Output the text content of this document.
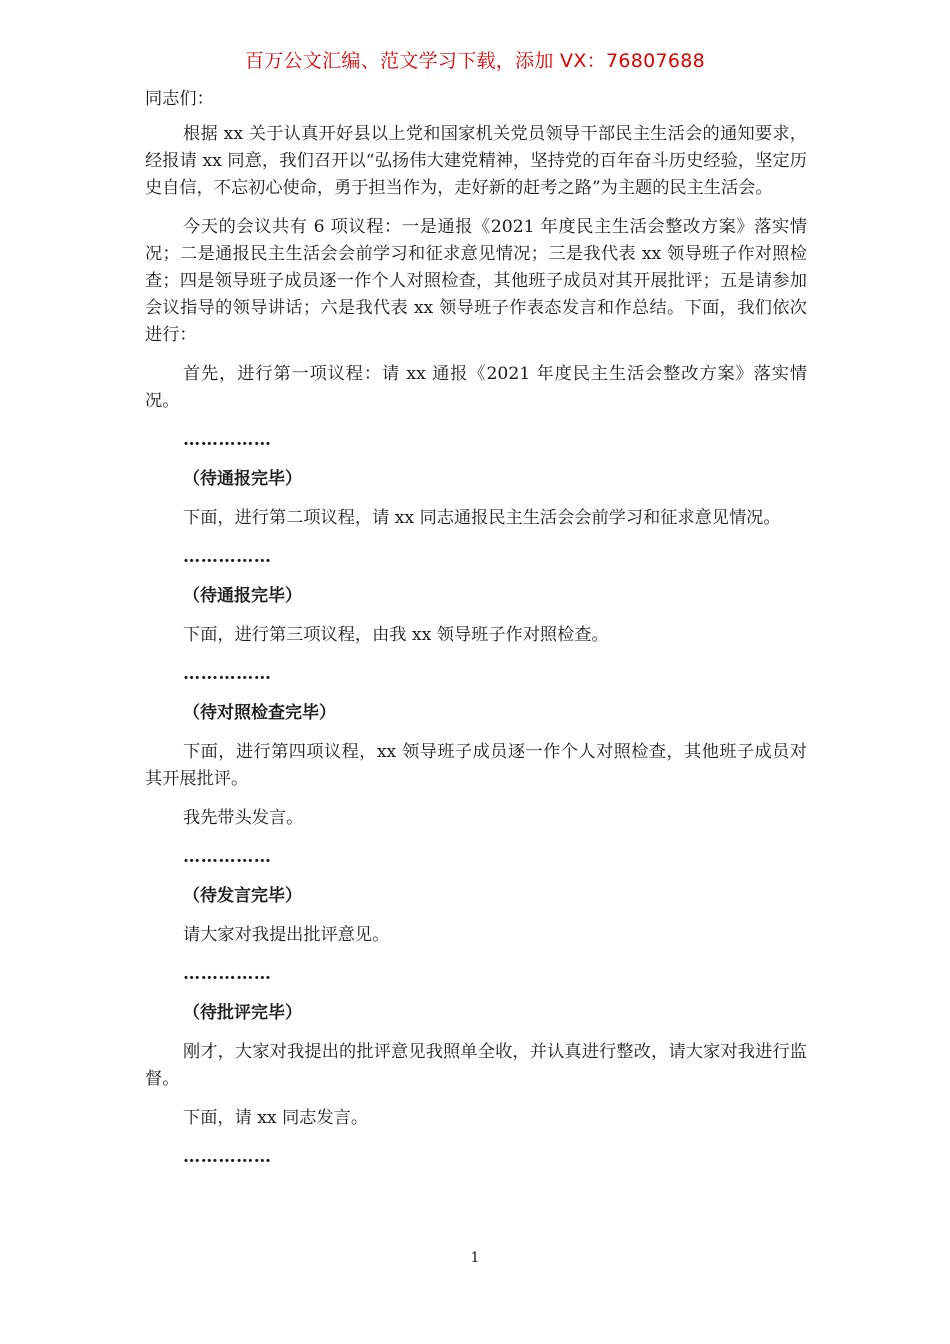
百万公文汇编、范文学习下载，添加 VX：76807688

同志们：

根据 xx 关于认真开好县以上党和国家机关党员领导干部民主生活会的通知要求，经报请 xx 同意，我们召开以“弘扬伟大建党精神，坚持党的百年奋斗历史经验，坚定历史自信，不忘初心使命，勇于担当作为，走好新的赶考之路”为主题的民主生活会。

今天的会议共有 6 项议程：一是通报《2021 年度民主生活会整改方案》落实情况；二是通报民主生活会会前学习和征求意见情况；三是我代表 xx 领导班子作对照检查；四是领导班子成员逐一作个人对照检查，其他班子成员对其开展批评；五是请参加会议指导的领导讲话；六是我代表 xx 领导班子作表态发言和作总结。下面，我们依次进行：

首先，进行第一项议程：请 xx 通报《2021 年度民主生活会整改方案》落实情况。

……………
（待通报完毕）

下面，进行第二项议程，请 xx 同志通报民主生活会会前学习和征求意见情况。

……………
（待通报完毕）

下面，进行第三项议程，由我 xx 领导班子作对照检查。

……………
（待对照检查完毕）

下面，进行第四项议程，xx 领导班子成员逐一作个人对照检查，其他班子成员对其开展批评。

我先带头发言。

……………
（待发言完毕）

请大家对我提出批评意见。

……………
（待批评完毕）

刚才，大家对我提出的批评意见我照单全收，并认真进行整改，请大家对我进行监督。

下面，请 xx 同志发言。

……………
1
